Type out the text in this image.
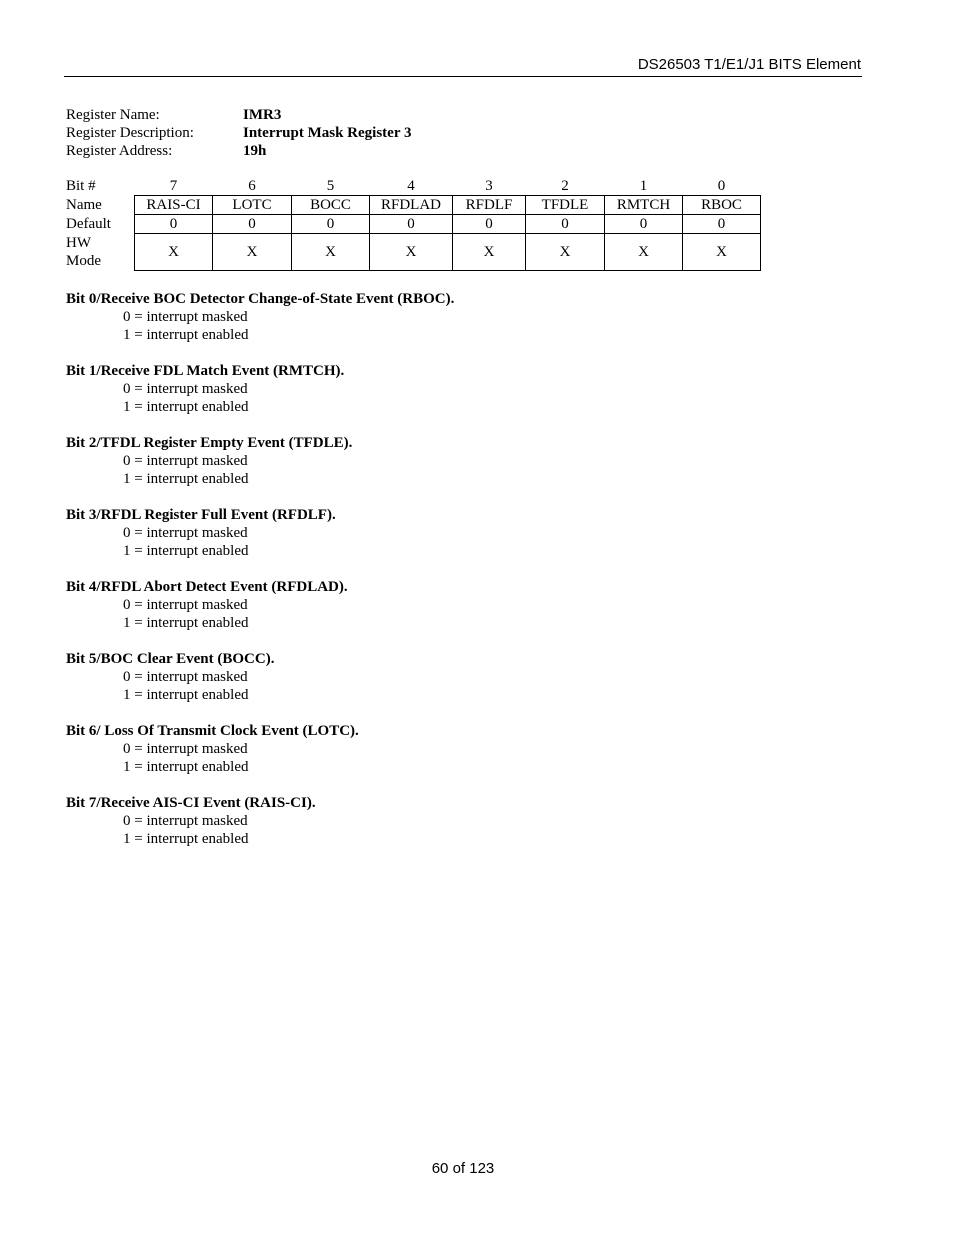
DS26503 T1/E1/J1 BITS Element
Register Name:	IMR3
Register Description:	Interrupt Mask Register 3
Register Address:	19h
Bit #	7	6	5	4	3	2	1	0
Name	RAIS-CI	LOTC	BOCC	RFDLAD	RFDLF	TFDLE	RMTCH	RBOC
Default	0	0	0	0	0	0	0	0
HW
Mode	X	X	X	X	X	X	X	X
Bit 0/Receive BOC Detector Change-of-State Event (RBOC).
0 = interrupt masked
1 = interrupt enabled
Bit 1/Receive FDL Match Event (RMTCH).
0 = interrupt masked
1 = interrupt enabled
Bit 2/TFDL Register Empty Event (TFDLE).
0 = interrupt masked
1 = interrupt enabled
Bit 3/RFDL Register Full Event (RFDLF).
0 = interrupt masked
1 = interrupt enabled
Bit 4/RFDL Abort Detect Event (RFDLAD).
0 = interrupt masked
1 = interrupt enabled
Bit 5/BOC Clear Event (BOCC).
0 = interrupt masked
1 = interrupt enabled
Bit 6/ Loss Of Transmit Clock Event (LOTC).
0 = interrupt masked
1 = interrupt enabled
Bit 7/Receive AIS-CI Event (RAIS-CI).
0 = interrupt masked
1 = interrupt enabled
60 of 123
